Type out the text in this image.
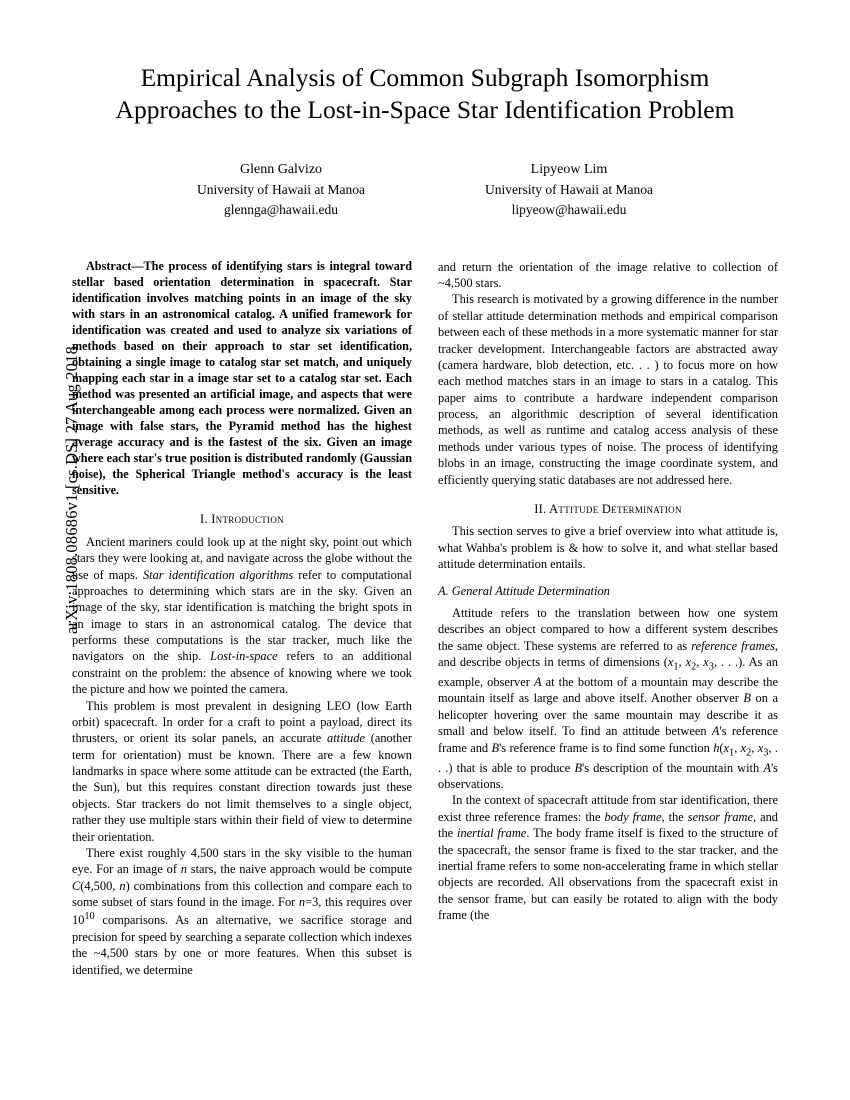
arXiv:1808.08686v1 [cs.DS] 27 Aug 2018
Empirical Analysis of Common Subgraph Isomorphism Approaches to the Lost-in-Space Star Identification Problem
Glenn Galvizo
University of Hawaii at Manoa
glennga@hawaii.edu
Lipyeow Lim
University of Hawaii at Manoa
lipyeow@hawaii.edu

Abstract—The process of identifying stars is integral toward stellar based orientation determination in spacecraft. Star identification involves matching points in an image of the sky with stars in an astronomical catalog. A unified framework for identification was created and used to analyze six variations of methods based on their approach to star set identification, obtaining a single image to catalog star set match, and uniquely mapping each star in a image star set to a catalog star set. Each method was presented an artificial image, and aspects that were interchangeable among each process were normalized. Given an image with false stars, the Pyramid method has the highest average accuracy and is the fastest of the six. Given an image where each star's true position is distributed randomly (Gaussian noise), the Spherical Triangle method's accuracy is the least sensitive.

I. Introduction

Ancient mariners could look up at the night sky, point out which stars they were looking at, and navigate across the globe without the use of maps. Star identification algorithms refer to computational approaches to determining which stars are in the sky. Given an image of the sky, star identification is matching the bright spots in an image to stars in an astronomical catalog. The device that performs these computations is the star tracker, much like the navigators on the ship. Lost-in-space refers to an additional constraint on the problem: the absence of knowing where we took the picture and how we pointed the camera.

This problem is most prevalent in designing LEO (low Earth orbit) spacecraft. In order for a craft to point a payload, direct its thrusters, or orient its solar panels, an accurate attitude (another term for orientation) must be known. There are a few known landmarks in space where some attitude can be extracted (the Earth, the Sun), but this requires constant direction towards just these objects. Star trackers do not limit themselves to a single object, rather they use multiple stars within their field of view to determine their orientation.

There exist roughly 4,500 stars in the sky visible to the human eye. For an image of n stars, the naive approach would be compute C(4,500, n) combinations from this collection and compare each to some subset of stars found in the image. For n=3, this requires over $10^{10}$ comparisons. As an alternative, we sacrifice storage and precision for speed by searching a separate collection which indexes the ~4,500 stars by one or more features. When this subset is identified, we determine

and return the orientation of the image relative to collection of ~4,500 stars.

This research is motivated by a growing difference in the number of stellar attitude determination methods and empirical comparison between each of these methods in a more systematic manner for star tracker development. Interchangeable factors are abstracted away (camera hardware, blob detection, etc. . . ) to focus more on how each method matches stars in an image to stars in a catalog. This paper aims to contribute a hardware independent comparison process, an algorithmic description of several identification methods, as well as runtime and catalog access analysis of these methods under various types of noise. The process of identifying blobs in an image, constructing the image coordinate system, and efficiently querying static databases are not addressed here.

II. Attitude Determination

This section serves to give a brief overview into what attitude is, what Wahba's problem is & how to solve it, and what stellar based attitude determination entails.

A. General Attitude Determination

Attitude refers to the translation between how one system describes an object compared to how a different system describes the same object. These systems are referred to as reference frames, and describe objects in terms of dimensions ($x_1$, $x_2$, $x_3$, . . .). As an example, observer A at the bottom of a mountain may describe the mountain itself as large and above itself. Another observer B on a helicopter hovering over the same mountain may describe it as small and below itself. To find an attitude between A's reference frame and B's reference frame is to find some function $h(x_1$, $x_2$, $x_3$, . . .) that is able to produce B's description of the mountain with A's observations.

In the context of spacecraft attitude from star identification, there exist three reference frames: the body frame, the sensor frame, and the inertial frame. The body frame itself is fixed to the structure of the spacecraft, the sensor frame is fixed to the star tracker, and the inertial frame refers to some non-accelerating frame in which stellar objects are recorded. All observations from the spacecraft exist in the sensor frame, but can easily be rotated to align with the body frame (the
